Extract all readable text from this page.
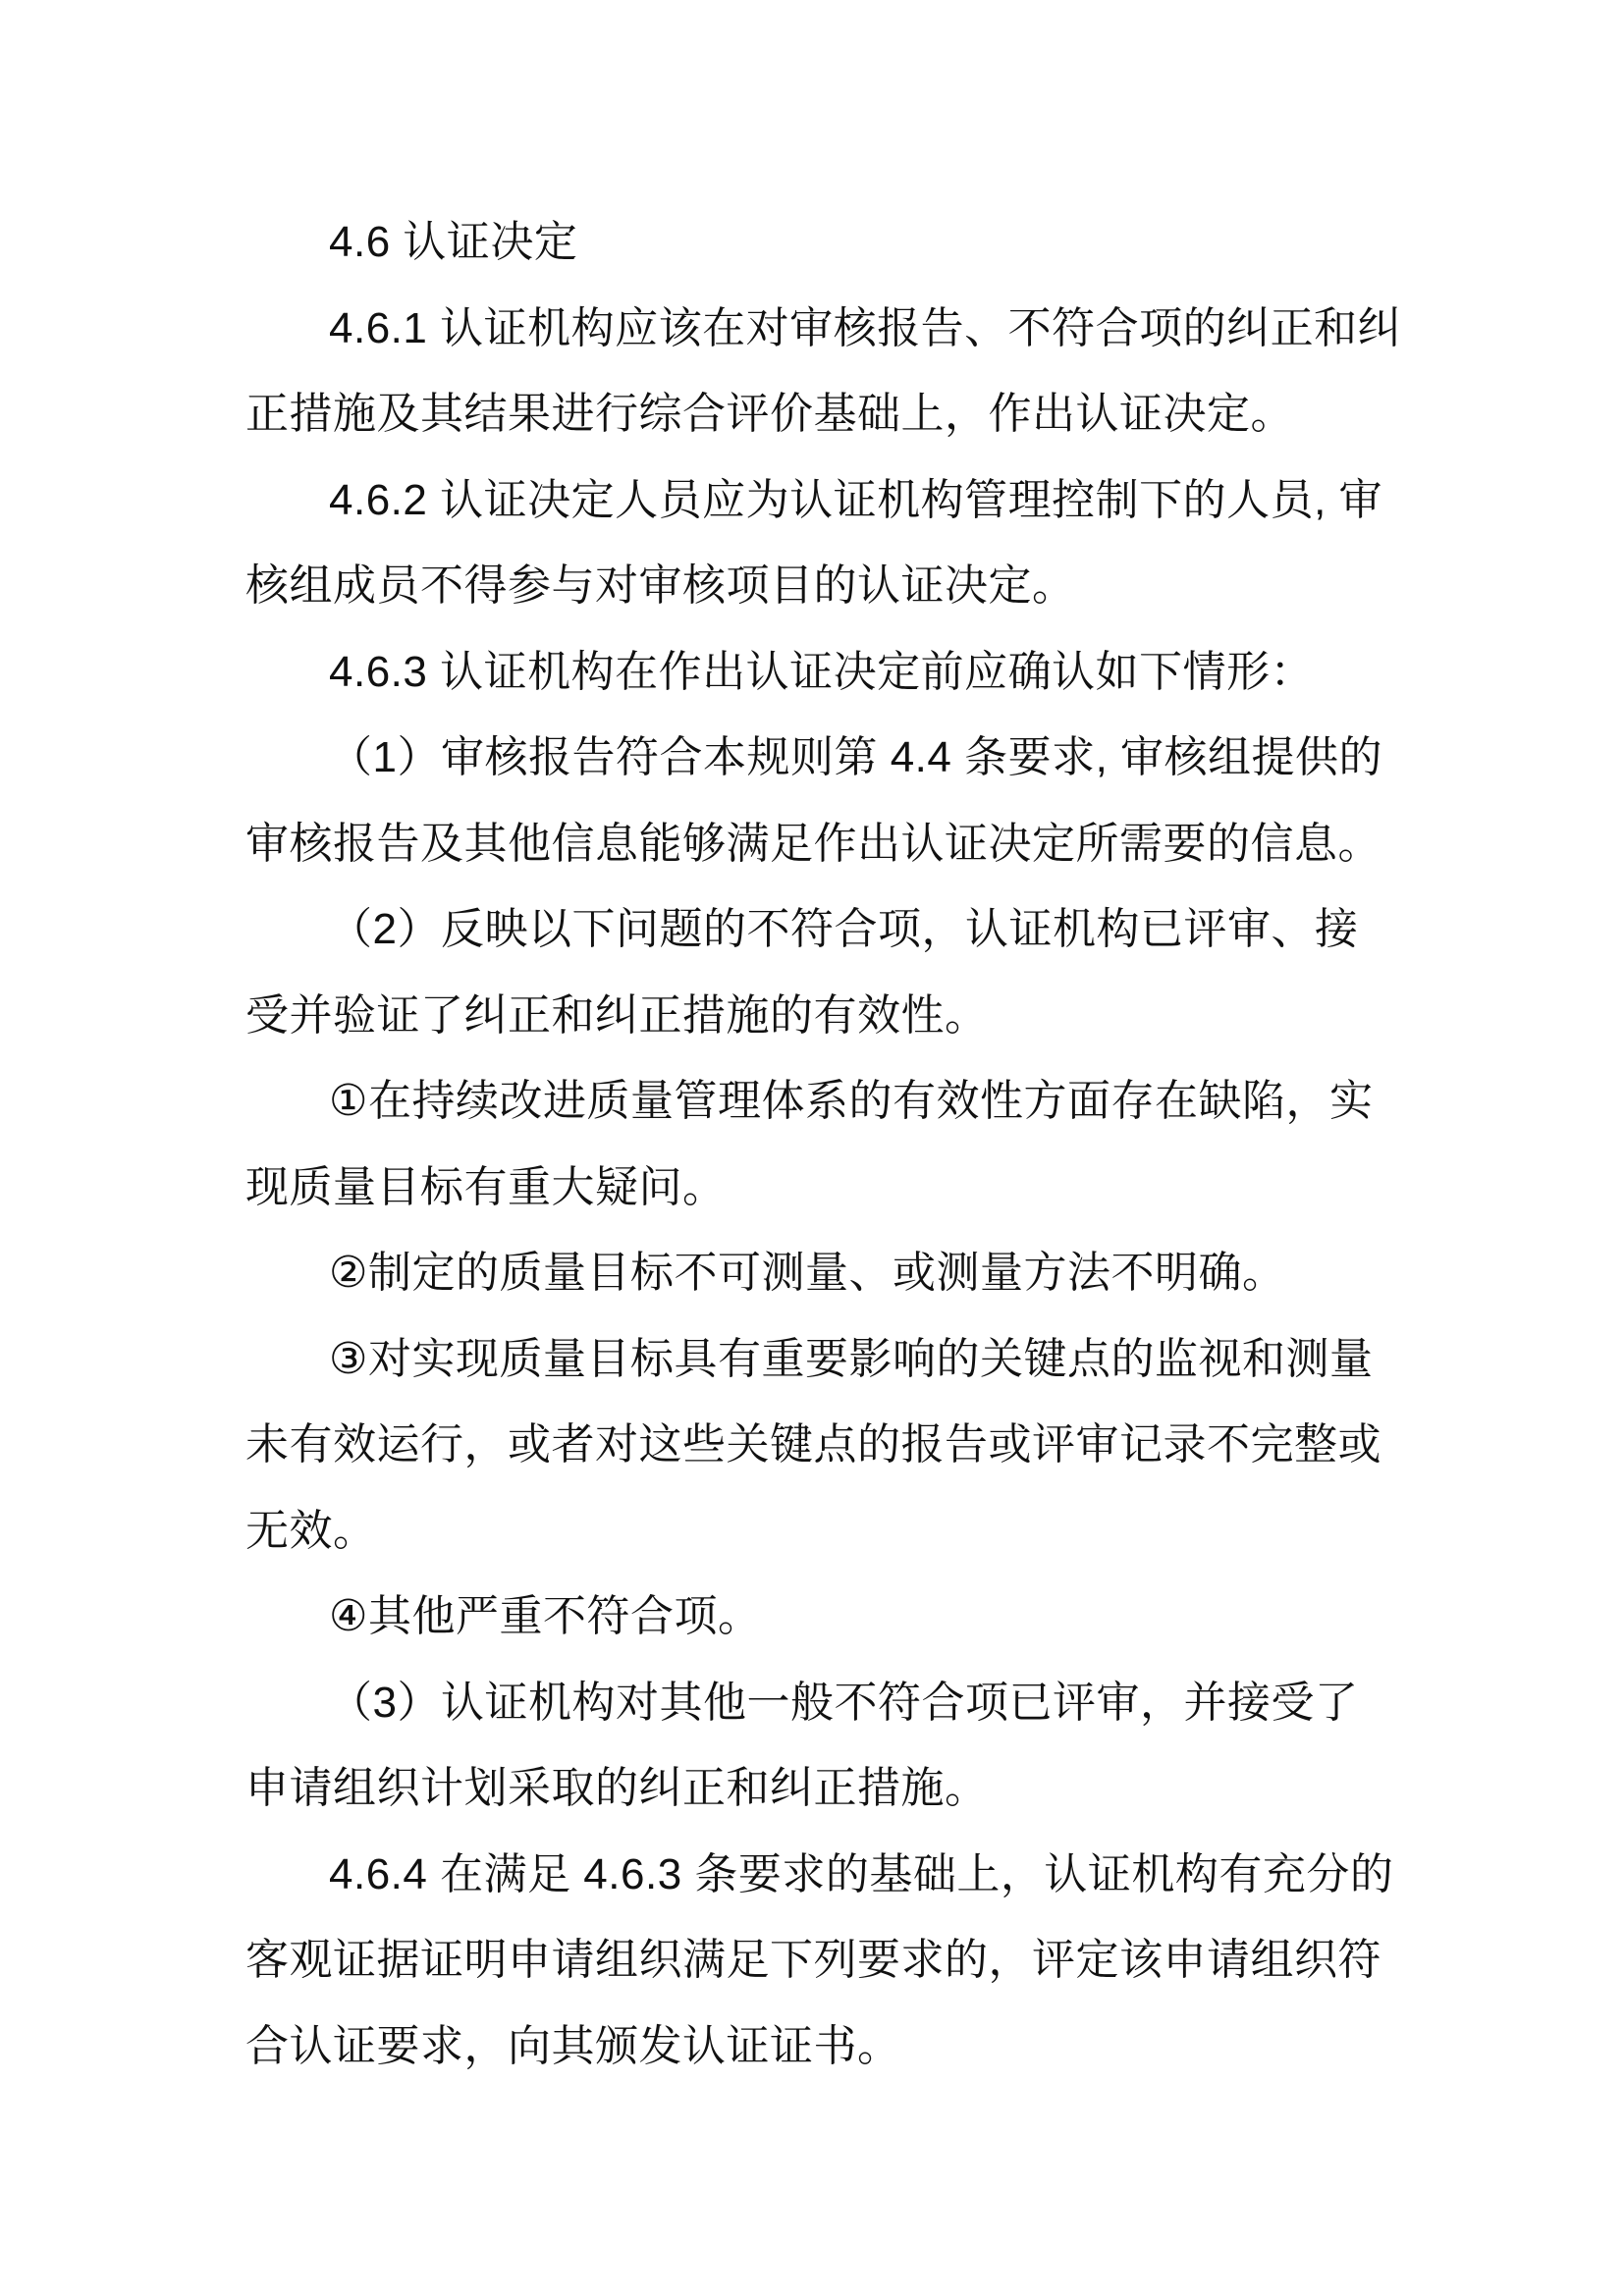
4.6 认证决定
4.6.1 认证机构应该在对审核报告、不符合项的纠正和纠
正措施及其结果进行综合评价基础上，作出认证决定。
4.6.2 认证决定人员应为认证机构管理控制下的人员, 审
核组成员不得参与对审核项目的认证决定。
4.6.3 认证机构在作出认证决定前应确认如下情形：
（1）审核报告符合本规则第 4.4 条要求, 审核组提供的
审核报告及其他信息能够满足作出认证决定所需要的信息。
（2）反映以下问题的不符合项，认证机构已评审、接
受并验证了纠正和纠正措施的有效性。
①在持续改进质量管理体系的有效性方面存在缺陷，实
现质量目标有重大疑问。
②制定的质量目标不可测量、或测量方法不明确。
③对实现质量目标具有重要影响的关键点的监视和测量
未有效运行，或者对这些关键点的报告或评审记录不完整或
无效。
④其他严重不符合项。
（3）认证机构对其他一般不符合项已评审，并接受了
申请组织计划采取的纠正和纠正措施。
4.6.4 在满足 4.6.3 条要求的基础上，认证机构有充分的
客观证据证明申请组织满足下列要求的，评定该申请组织符
合认证要求，向其颁发认证证书。
